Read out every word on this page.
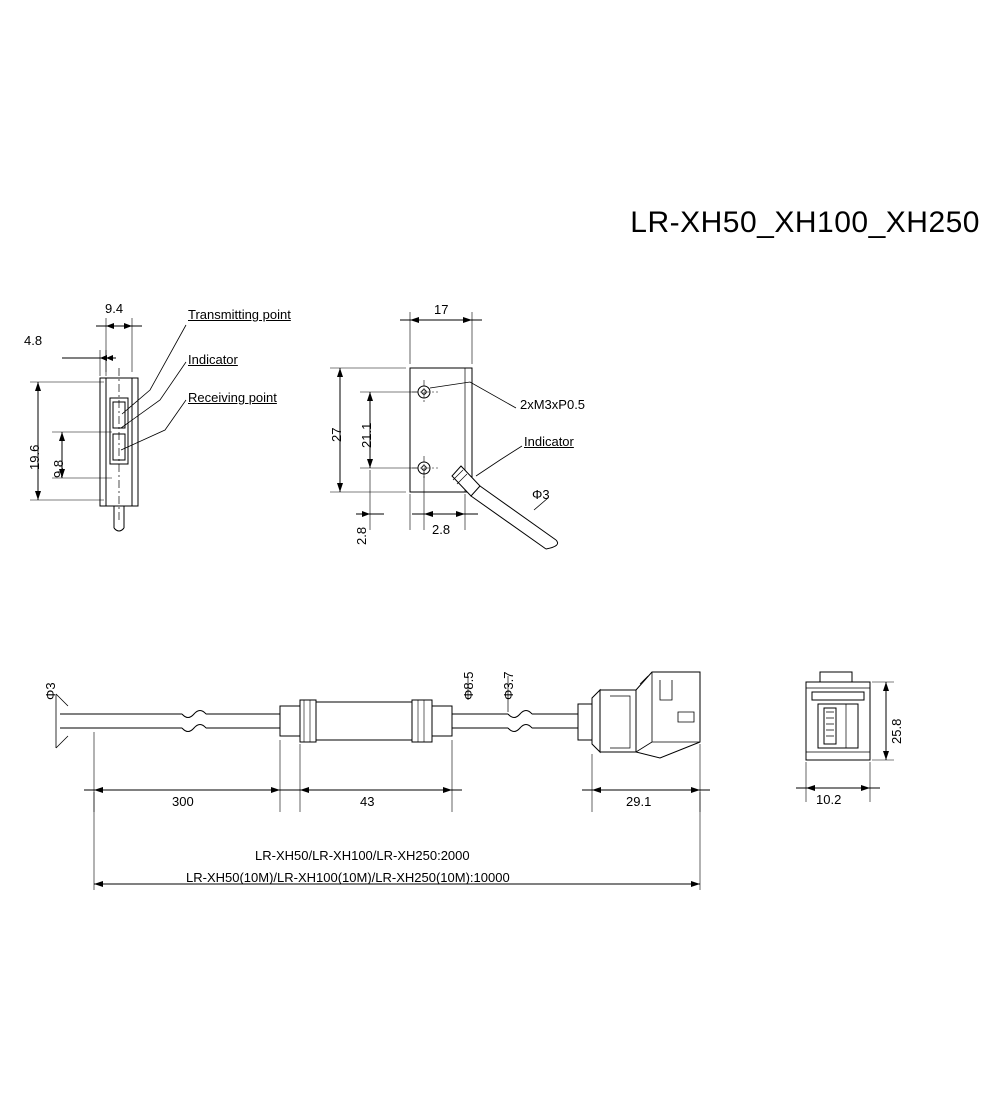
LR-XH50_XH100_XH250
9.4
4.8
19.6 9.8
Transmitting point
Indicator
Receiving point
17
27 21.1
2.8	2.8
2xM3xP0.5
Indicator
Φ3
Φ3	Φ8.5 Φ3.7
300	43	29.1
LR-XH50/LR-XH100/LR-XH250:2000
LR-XH50(10M)/LR-XH100(10M)/LR-XH250(10M):10000
25.8
10.2
